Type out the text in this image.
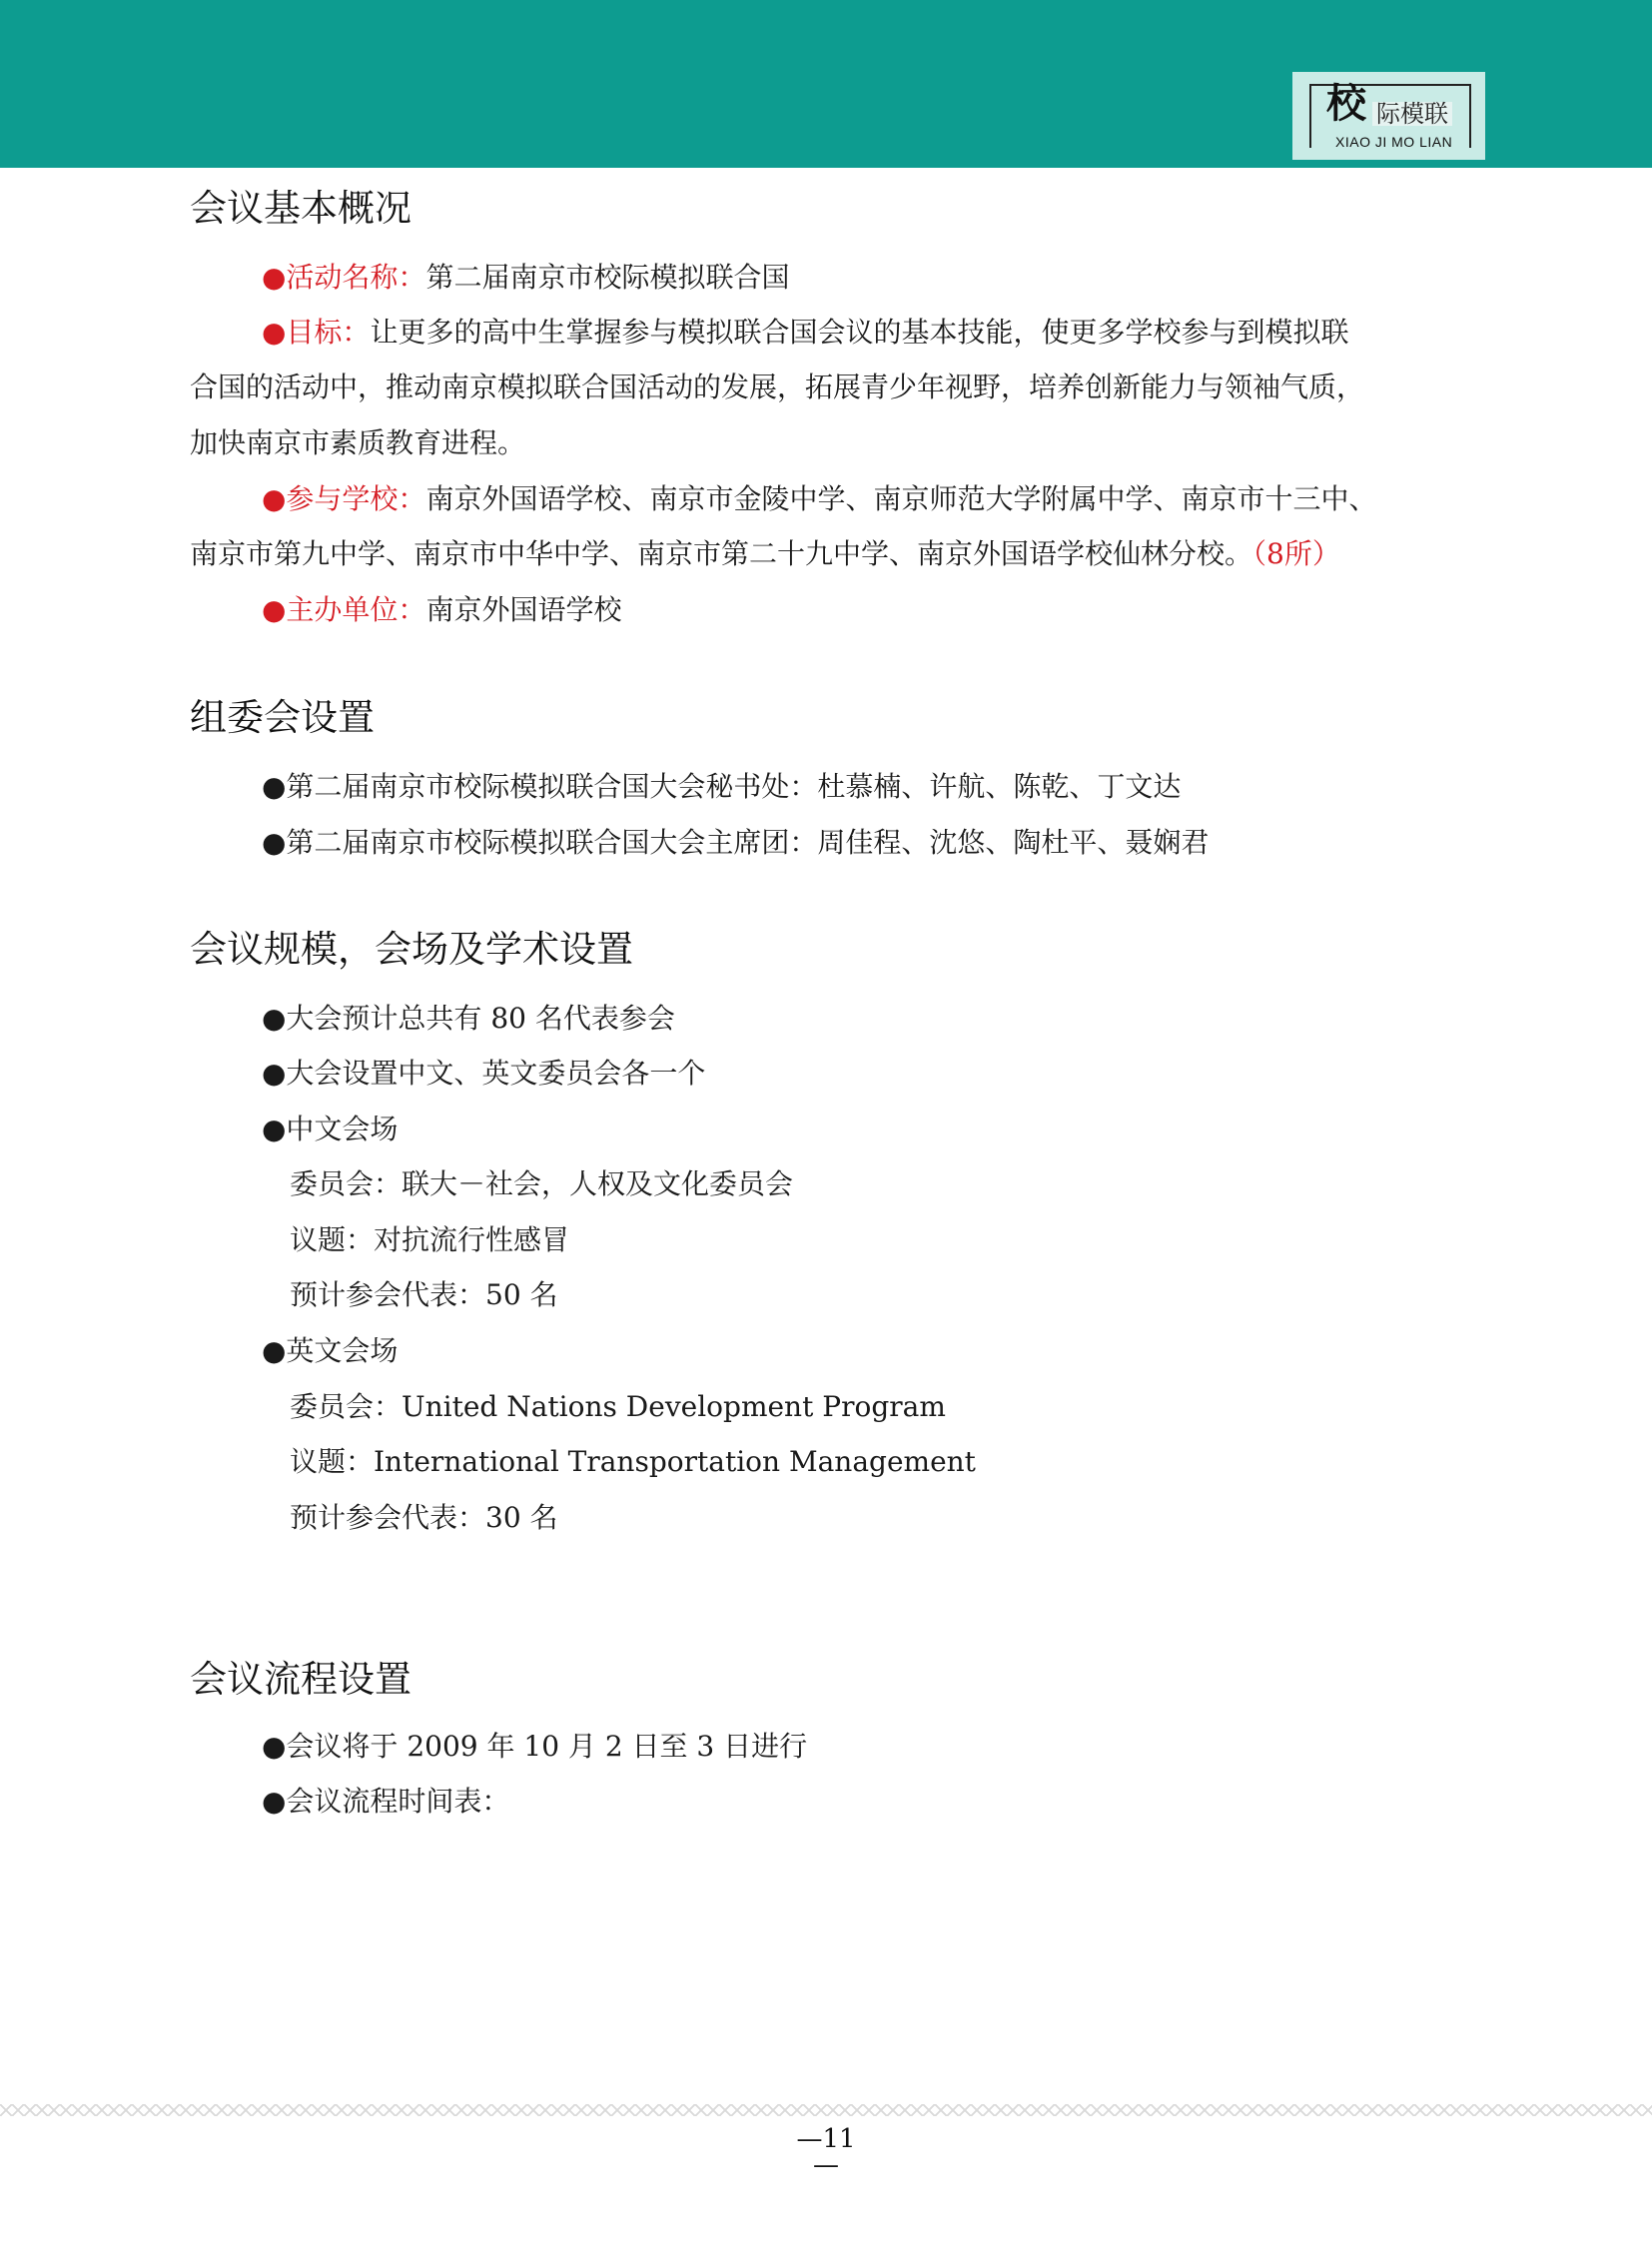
校 际模联
XIAO JI MO LIAN
会议基本概况
●活动名称：第二届南京市校际模拟联合国
●目标：让更多的高中生掌握参与模拟联合国会议的基本技能，使更多学校参与到模拟联
合国的活动中，推动南京模拟联合国活动的发展，拓展青少年视野，培养创新能力与领袖气质，
加快南京市素质教育进程。
●参与学校：南京外国语学校、南京市金陵中学、南京师范大学附属中学、南京市十三中、
南京市第九中学、南京市中华中学、南京市第二十九中学、南京外国语学校仙林分校。（8所）
●主办单位：南京外国语学校
组委会设置
●第二届南京市校际模拟联合国大会秘书处：杜慕楠、许航、陈乾、丁文达
●第二届南京市校际模拟联合国大会主席团：周佳程、沈悠、陶杜平、聂娴君
会议规模，会场及学术设置
●大会预计总共有 80 名代表参会
●大会设置中文、英文委员会各一个
●中文会场
委员会：联大－社会，人权及文化委员会
议题：对抗流行性感冒
预计参会代表：50 名
●英文会场
委员会：United Nations Development Program
议题：International Transportation Management
预计参会代表：30 名
会议流程设置
●会议将于 2009 年 10 月 2 日至 3 日进行
●会议流程时间表：
—11—
